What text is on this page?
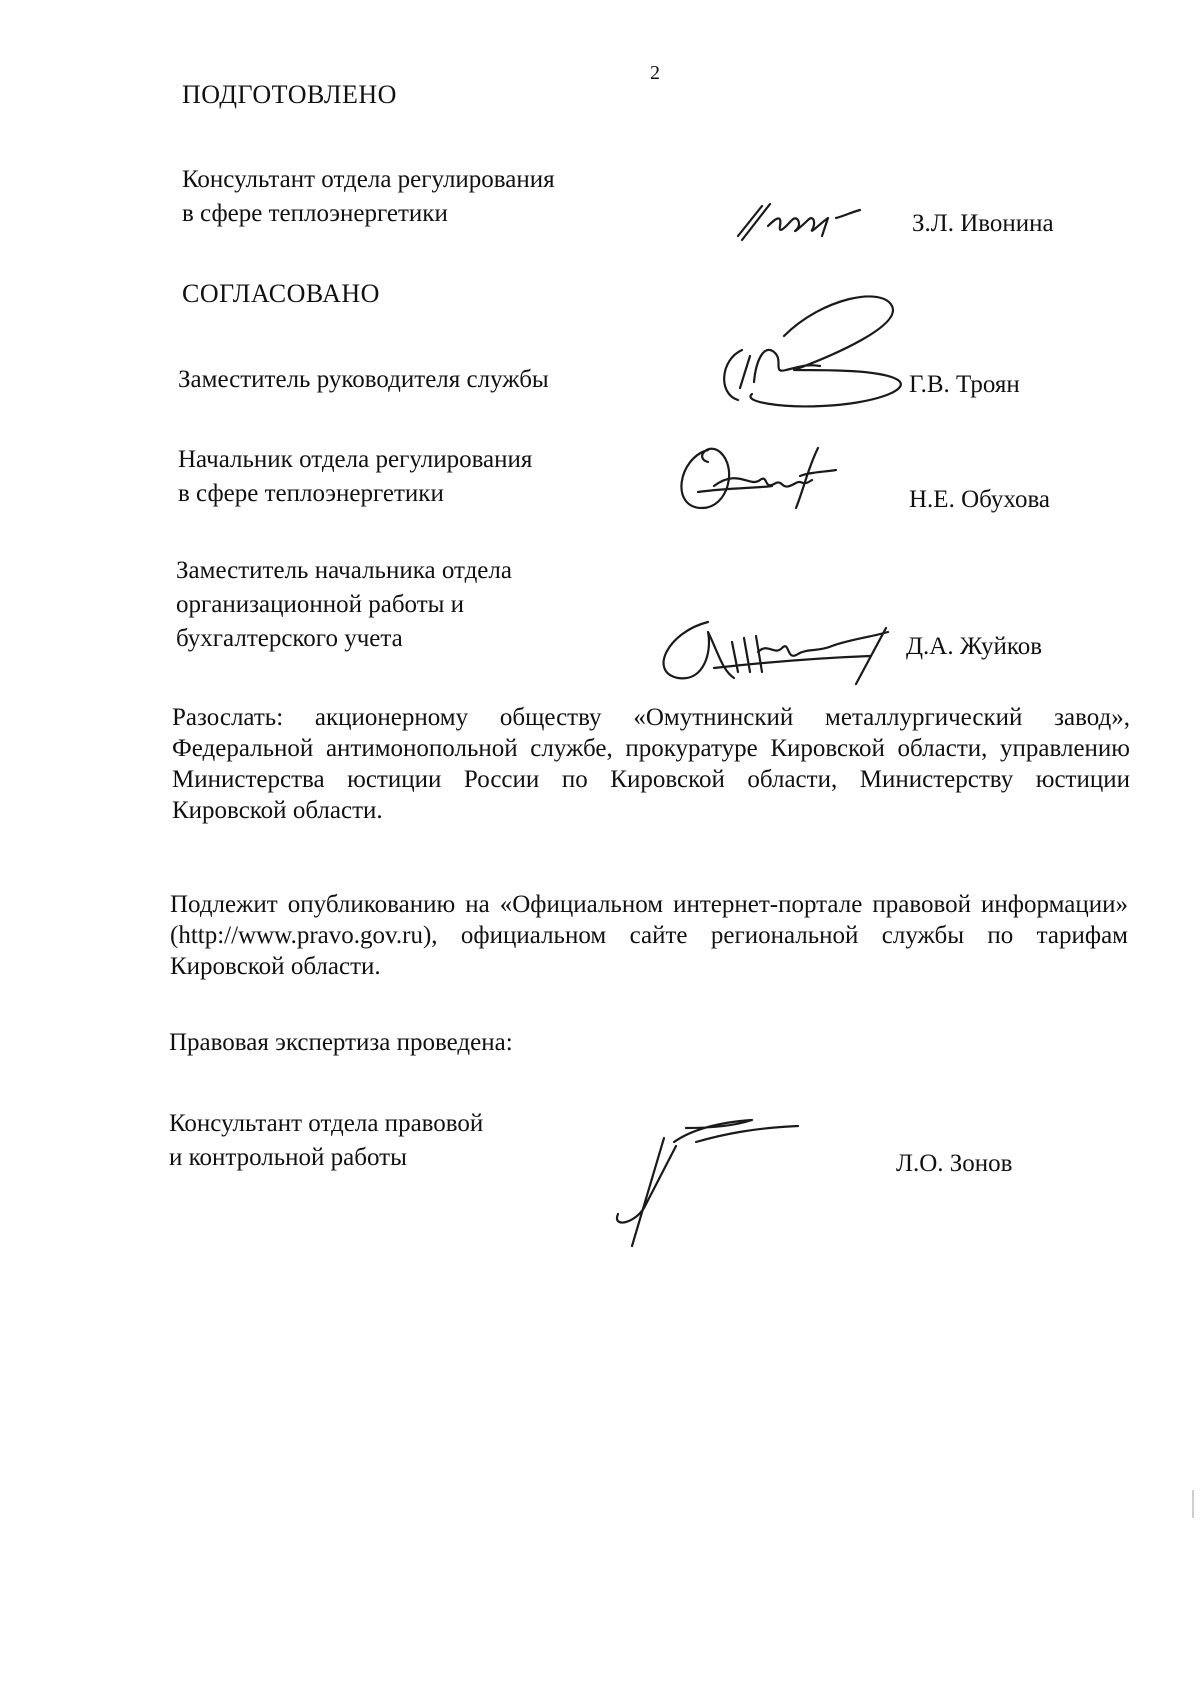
2
ПОДГОТОВЛЕНО
Консультант отдела регулирования
в сфере теплоэнергетики	З.Л. Ивонина
СОГЛАСОВАНО
Заместитель руководителя службы	Г.В. Троян
Начальник отдела регулирования
в сфере теплоэнергетики	Н.Е. Обухова
Заместитель начальника отдела
организационной работы и
бухгалтерского учета	Д.А. Жуйков
Разослать: акционерному обществу «Омутнинский металлургический завод», Федеральной антимонопольной службе, прокуратуре Кировской области, управлению Министерства юстиции России по Кировской области, Министерству юстиции Кировской области.
Подлежит опубликованию на «Официальном интернет-портале правовой информации» (http://www.pravo.gov.ru), официальном сайте региональной службы по тарифам Кировской области.
Правовая экспертиза проведена:
Консультант отдела правовой
и контрольной работы	Л.О. Зонов
